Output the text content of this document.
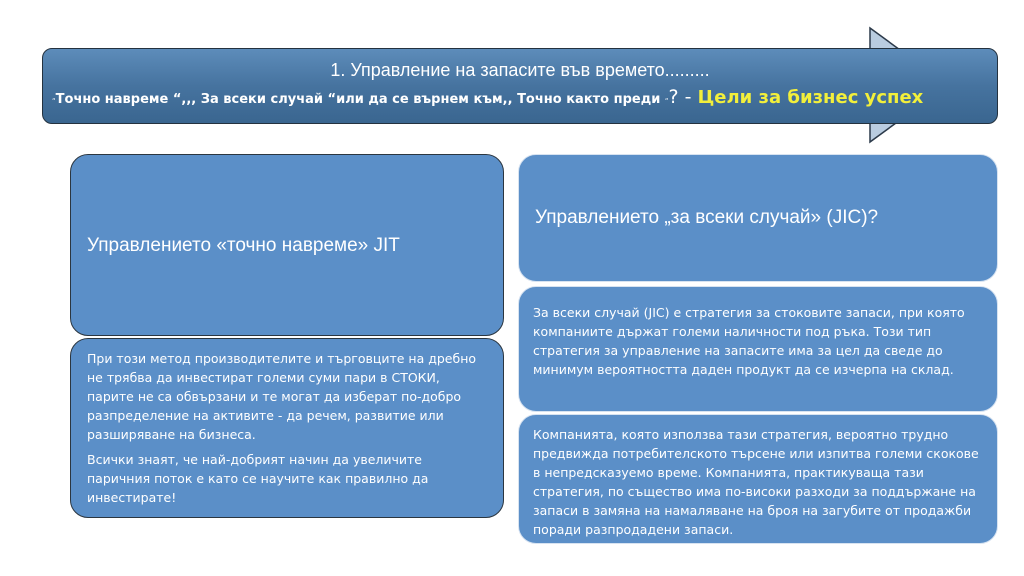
1. Управление на запасите във времето.........
“Точно навреме “,,, За всеки случай “или да се върнем към,, Точно както преди “? - Цели за бизнес успех
Управлението «точно навреме» JIT

При този метод производителите и търговците на дребно не трябва да инвестират големи суми пари в СТОКИ, парите не са обвързани и те могат да изберат по-добро разпределение на активите - да речем, развитие или разширяване на бизнеса.

Всички знаят, че най-добрият начин да увеличите паричния поток е като се научите как правилно да инвестирате!

Управлението „за всеки случай» (JIC)?

За всеки случай (JIC) е стратегия за стоковите запаси, при която компаниите държат големи наличности под ръка. Този тип стратегия за управление на запасите има за цел да сведе до минимум вероятността даден продукт да се изчерпа на склад.

Компанията, която използва тази стратегия, вероятно трудно предвижда потребителското търсене или изпитва големи скокове в непредсказуемо време. Компанията, практикуваща тази стратегия, по същество има по-високи разходи за поддържане на запаси в замяна на намаляване на броя на загубите от продажби поради разпродадени запаси.
